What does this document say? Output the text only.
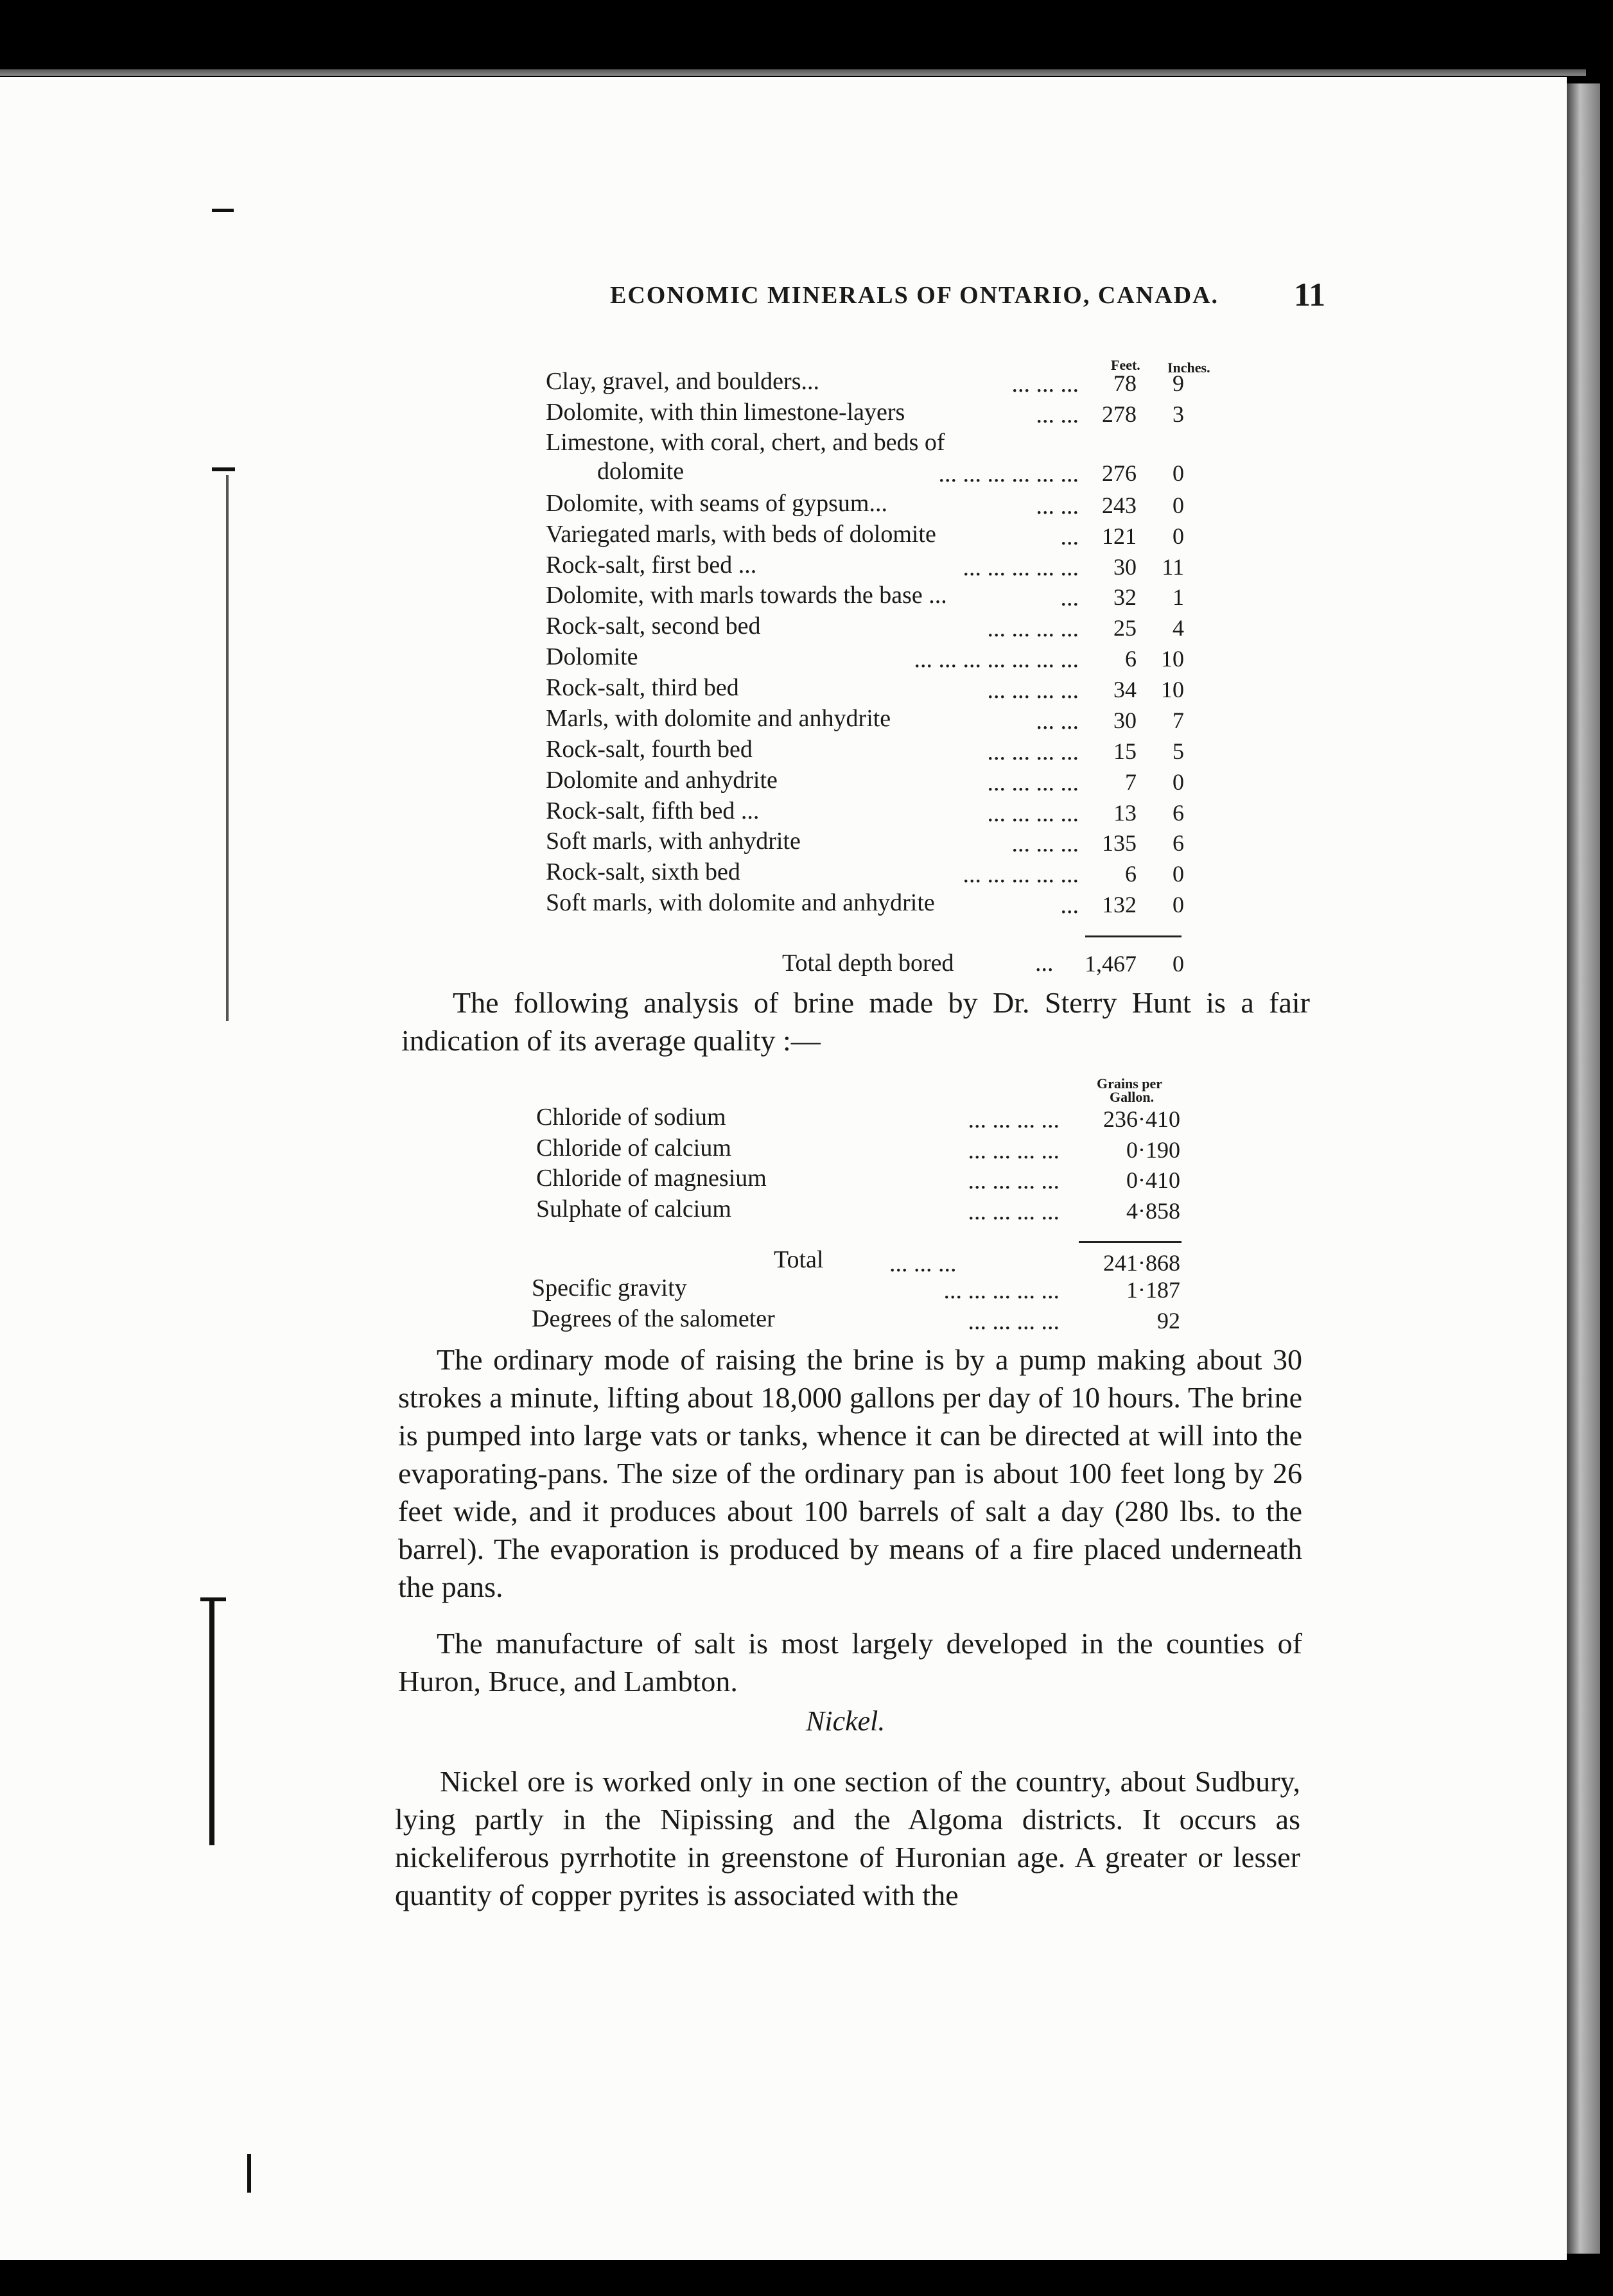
ECONOMIC MINERALS OF ONTARIO, CANADA. 11
Feet. Inches.
Clay, gravel, and boulders...	... ... ...	78	9
Dolomite, with thin limestone-layers	... ...	278	3
Limestone, with coral, chert, and beds of
dolomite	... ... ... ... ... ...	276	0
Dolomite, with seams of gypsum...	... ...	243	0
Variegated marls, with beds of dolomite	...	121	0
Rock-salt, first bed ...	... ... ... ... ...	30 11
Dolomite, with marls towards the base ...	...	32	1
Rock-salt, second bed	... ... ... ...	25	4
Dolomite	... ... ... ... ... ... ...	6 10
Rock-salt, third bed	... ... ... ...	34 10
Marls, with dolomite and anhydrite	... ...	30	7
Rock-salt, fourth bed	... ... ... ...	15	5
Dolomite and anhydrite	... ... ... ...	7	0
Rock-salt, fifth bed ...	... ... ... ...	13	6
Soft marls, with anhydrite	... ... ...	135	6
Rock-salt, sixth bed	... ... ... ... ...	6	0
Soft marls, with dolomite and anhydrite	...	132	0
Total depth bored	...	1,467	0
The following analysis of brine made by Dr. Sterry Hunt is a fair indication of its average quality :—
Grains per
Gallon.
Chloride of sodium	... ... ... ...	236·410
Chloride of calcium	... ... ... ...	0·190
Chloride of magnesium	... ... ... ...	0·410
Sulphate of calcium	... ... ... ...	4·858
Total	... ... ...	241·868
Specific gravity	... ... ... ... ...	1·187
Degrees of the salometer	... ... ... ...	92
The ordinary mode of raising the brine is by a pump making about 30 strokes a minute, lifting about 18,000 gallons per day of 10 hours. The brine is pumped into large vats or tanks, whence it can be directed at will into the evaporating-pans. The size of the ordinary pan is about 100 feet long by 26 feet wide, and it produces about 100 barrels of salt a day (280 lbs. to the barrel). The evaporation is produced by means of a fire placed underneath the pans.
The manufacture of salt is most largely developed in the counties of Huron, Bruce, and Lambton.
Nickel.
Nickel ore is worked only in one section of the country, about Sudbury, lying partly in the Nipissing and the Algoma districts. It occurs as nickeliferous pyrrhotite in greenstone of Huronian age. A greater or lesser quantity of copper pyrites is associated with the
